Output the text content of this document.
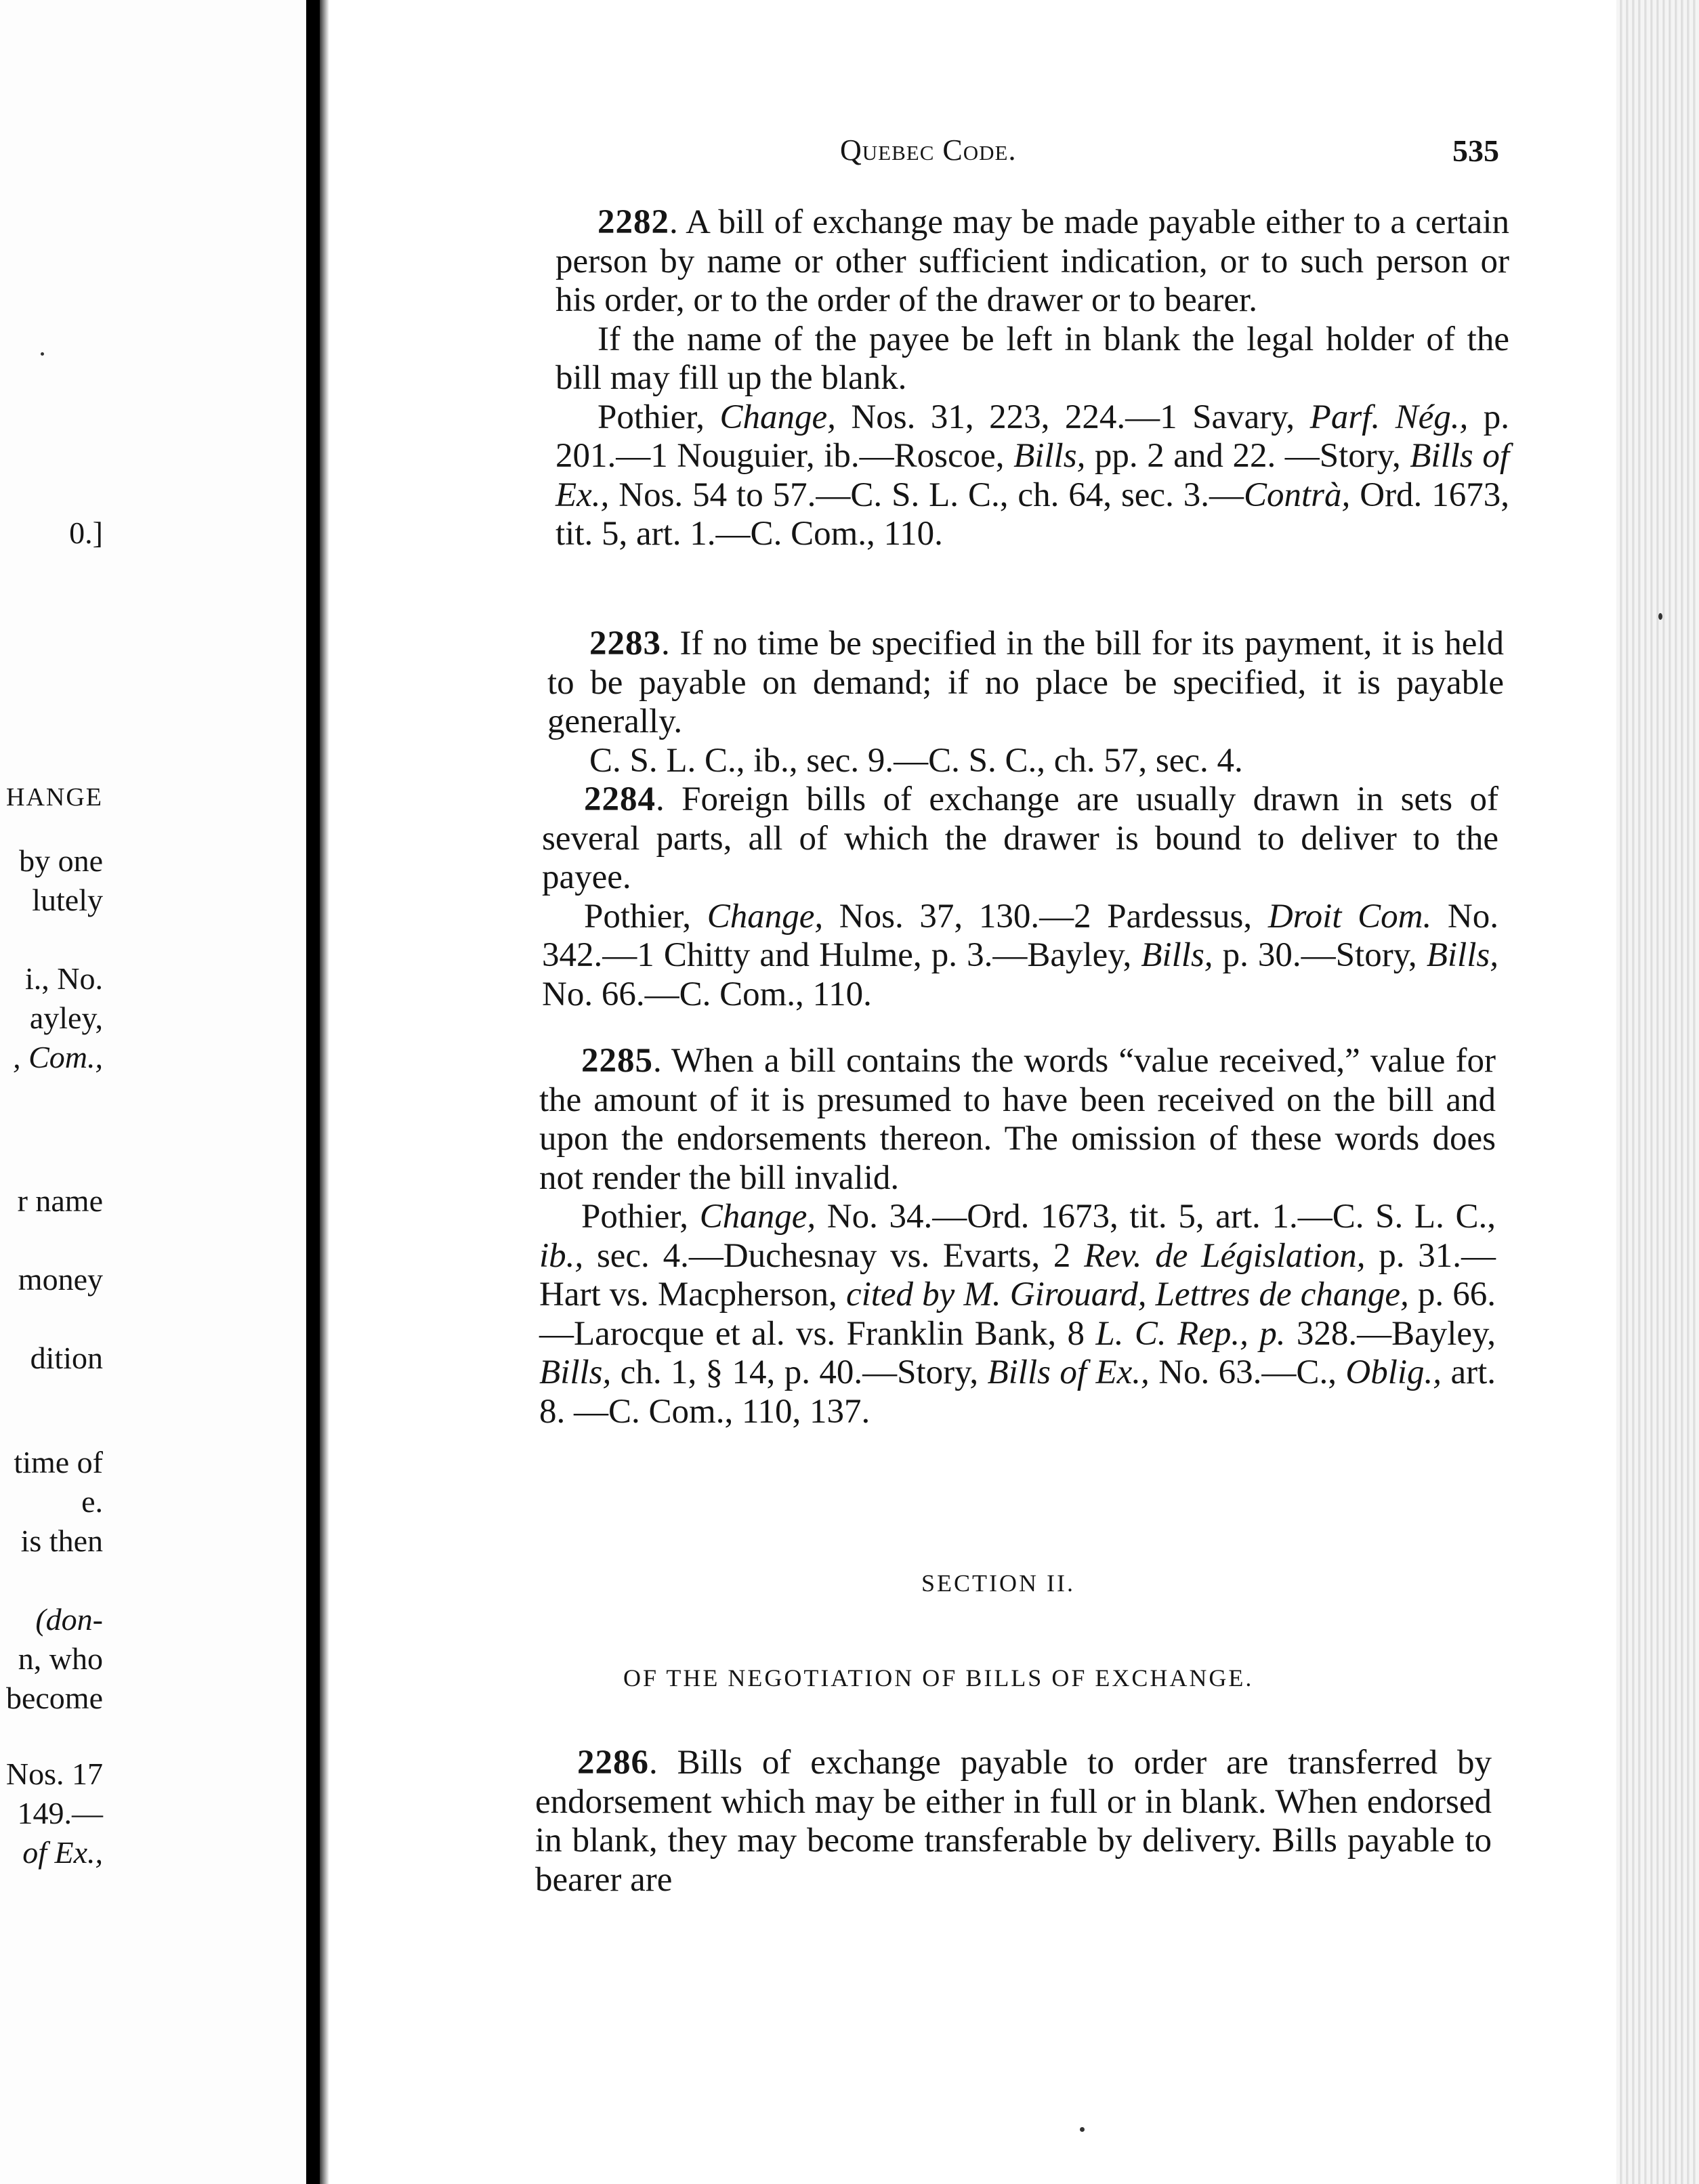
0.]
HANGE
by one
lutely
i., No.
ayley,
, Com.,
r name
money
dition
time of
e.
is then
(don-
n, who
become
Nos. 17
149.—
of Ex.,
Quebec Code.	535

2282. A bill of exchange may be made payable either to a certain person by name or other sufficient indication, or to such person or his order, or to the order of the drawer or to bearer.

If the name of the payee be left in blank the legal holder of the bill may fill up the blank.

Pothier, Change, Nos. 31, 223, 224.—1 Savary, Parf. Nég., p. 201.—1 Nouguier, ib.—Roscoe, Bills, pp. 2 and 22. —Story, Bills of Ex., Nos. 54 to 57.—C. S. L. C., ch. 64, sec. 3.—Contrà, Ord. 1673, tit. 5, art. 1.—C. Com., 110.

2283. If no time be specified in the bill for its payment, it is held to be payable on demand; if no place be specified, it is payable generally.

C. S. L. C., ib., sec. 9.—C. S. C., ch. 57, sec. 4.

2284. Foreign bills of exchange are usually drawn in sets of several parts, all of which the drawer is bound to deliver to the payee.

Pothier, Change, Nos. 37, 130.—2 Pardessus, Droit Com. No. 342.—1 Chitty and Hulme, p. 3.—Bayley, Bills, p. 30.—Story, Bills, No. 66.—C. Com., 110.

2285. When a bill contains the words “value received,” value for the amount of it is presumed to have been received on the bill and upon the endorsements thereon. The omission of these words does not render the bill invalid.

Pothier, Change, No. 34.—Ord. 1673, tit. 5, art. 1.—C. S. L. C., ib., sec. 4.—Duchesnay vs. Evarts, 2 Rev. de Législation, p. 31.—Hart vs. Macpherson, cited by M. Girouard, Lettres de change, p. 66.—Larocque et al. vs. Franklin Bank, 8 L. C. Rep., p. 328.—Bayley, Bills, ch. 1, § 14, p. 40.—Story, Bills of Ex., No. 63.—C., Oblig., art. 8. —C. Com., 110, 137.

SECTION II.
OF THE NEGOTIATION OF BILLS OF EXCHANGE.

2286. Bills of exchange payable to order are transferred by endorsement which may be either in full or in blank. When endorsed in blank, they may become transferable by delivery. Bills payable to bearer are
